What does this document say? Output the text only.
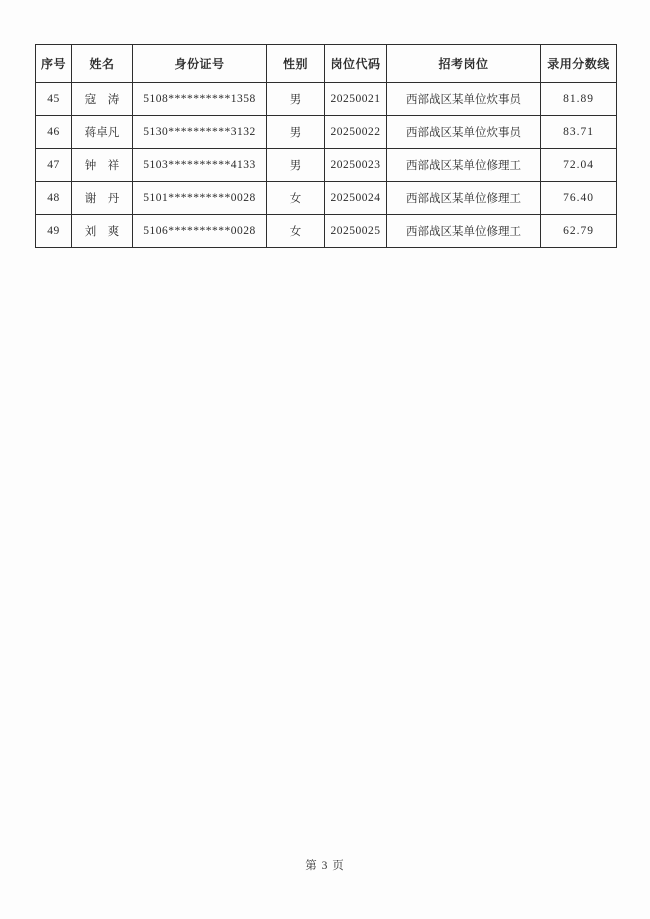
序号	姓名	身份证号	性别	岗位代码	招考岗位	录用分数线
45	寇　涛	5108**********1358	男	20250021	西部战区某单位炊事员	81.89
46	蒋卓凡	5130**********3132	男	20250022	西部战区某单位炊事员	83.71
47	钟　祥	5103**********4133	男	20250023	西部战区某单位修理工	72.04
48	谢　丹	5101**********0028	女	20250024	西部战区某单位修理工	76.40
49	刘　爽	5106**********0028	女	20250025	西部战区某单位修理工	62.79
第 3 页
